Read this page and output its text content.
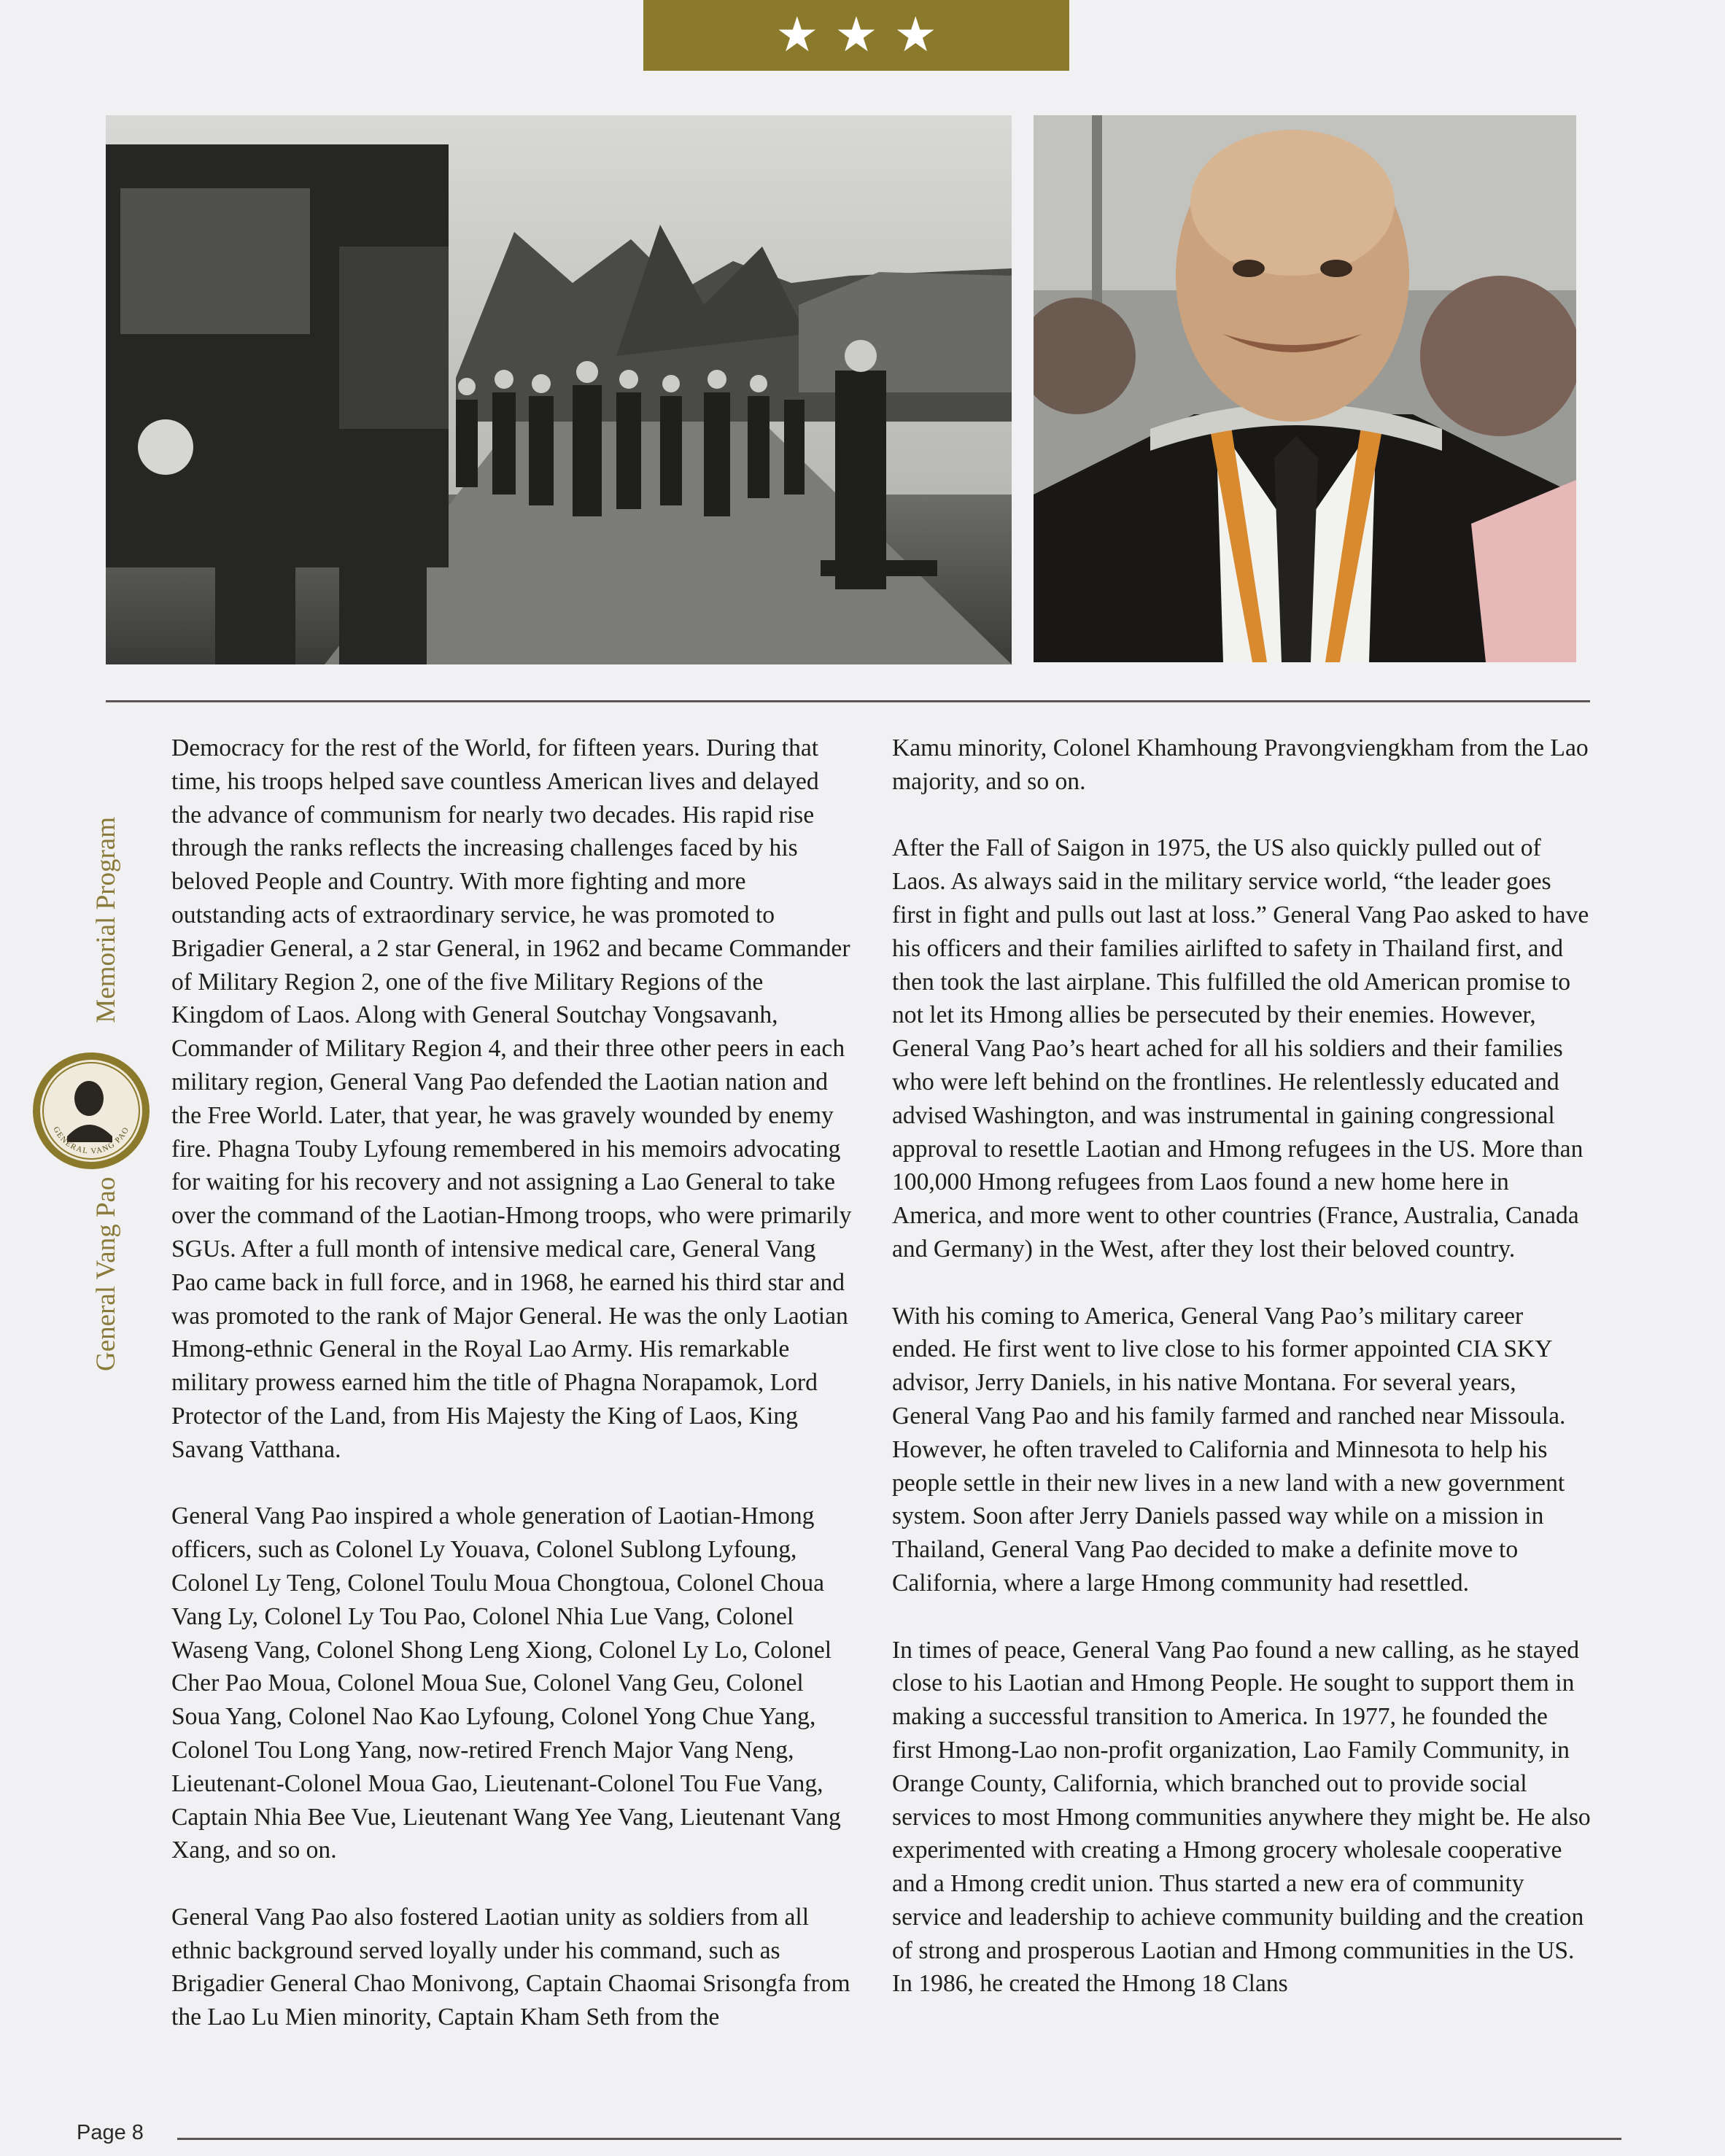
★ ★ ★
General Vang Pao
Memorial Program
GENERAL VANG PAO

Democracy for the rest of the World, for fifteen years. During that time, his troops helped save countless American lives and delayed the advance of communism for nearly two decades. His rapid rise through the ranks reflects the increasing challenges faced by his beloved People and Country. With more fighting and more outstanding acts of extraordinary service, he was promoted to Brigadier General, a 2 star General, in 1962 and became Commander of Military Region 2, one of the five Military Regions of the Kingdom of Laos. Along with General Soutchay Vongsavanh, Commander of Military Region 4, and their three other peers in each military region, General Vang Pao defended the Laotian nation and the Free World. Later, that year, he was gravely wounded by enemy fire. Phagna Touby Lyfoung remembered in his memoirs advocating for waiting for his recovery and not assigning a Lao General to take over the command of the Laotian-Hmong troops, who were primarily SGUs. After a full month of intensive medical care, General Vang Pao came back in full force, and in 1968, he earned his third star and was promoted to the rank of Major General. He was the only Laotian Hmong-ethnic General in the Royal Lao Army. His remarkable military prowess earned him the title of Phagna Norapamok, Lord Protector of the Land, from His Majesty the King of Laos, King Savang Vatthana.

General Vang Pao inspired a whole generation of Laotian-Hmong officers, such as Colonel Ly Youava, Colonel Sublong Lyfoung, Colonel Ly Teng, Colonel Toulu Moua Chongtoua, Colonel Choua Vang Ly, Colonel Ly Tou Pao, Colonel Nhia Lue Vang, Colonel Waseng Vang, Colonel Shong Leng Xiong, Colonel Ly Lo, Colonel Cher Pao Moua, Colonel Moua Sue, Colonel Vang Geu, Colonel Soua Yang, Colonel Nao Kao Lyfoung, Colonel Yong Chue Yang, Colonel Tou Long Yang, now-retired French Major Vang Neng, Lieutenant-Colonel Moua Gao, Lieutenant-Colonel Tou Fue Vang, Captain Nhia Bee Vue, Lieutenant Wang Yee Vang, Lieutenant Vang Xang, and so on.

General Vang Pao also fostered Laotian unity as soldiers from all ethnic background served loyally under his command, such as Brigadier General Chao Monivong, Captain Chaomai Srisongfa from the Lao Lu Mien minority, Captain Kham Seth from the

Kamu minority, Colonel Khamhoung Pravongviengkham from the Lao majority, and so on.

After the Fall of Saigon in 1975, the US also quickly pulled out of Laos. As always said in the military service world, “the leader goes first in fight and pulls out last at loss.” General Vang Pao asked to have his officers and their families airlifted to safety in Thailand first, and then took the last airplane. This fulfilled the old American promise to not let its Hmong allies be persecuted by their enemies. However, General Vang Pao’s heart ached for all his soldiers and their families who were left behind on the frontlines. He relentlessly educated and advised Washington, and was instrumental in gaining congressional approval to resettle Laotian and Hmong refugees in the US. More than 100,000 Hmong refugees from Laos found a new home here in America, and more went to other countries (France, Australia, Canada and Germany) in the West, after they lost their beloved country.

With his coming to America, General Vang Pao’s military career ended. He first went to live close to his former appointed CIA SKY advisor, Jerry Daniels, in his native Montana. For several years, General Vang Pao and his family farmed and ranched near Missoula. However, he often traveled to California and Minnesota to help his people settle in their new lives in a new land with a new government system. Soon after Jerry Daniels passed way while on a mission in Thailand, General Vang Pao decided to make a definite move to California, where a large Hmong community had resettled.

In times of peace, General Vang Pao found a new calling, as he stayed close to his Laotian and Hmong People. He sought to support them in making a successful transition to America. In 1977, he founded the first Hmong-Lao non-profit organization, Lao Family Community, in Orange County, California, which branched out to provide social services to most Hmong communities anywhere they might be. He also experimented with creating a Hmong grocery wholesale cooperative and a Hmong credit union. Thus started a new era of community service and leadership to achieve community building and the creation of strong and prosperous Laotian and Hmong communities in the US. In 1986, he created the Hmong 18 Clans

Page 8
